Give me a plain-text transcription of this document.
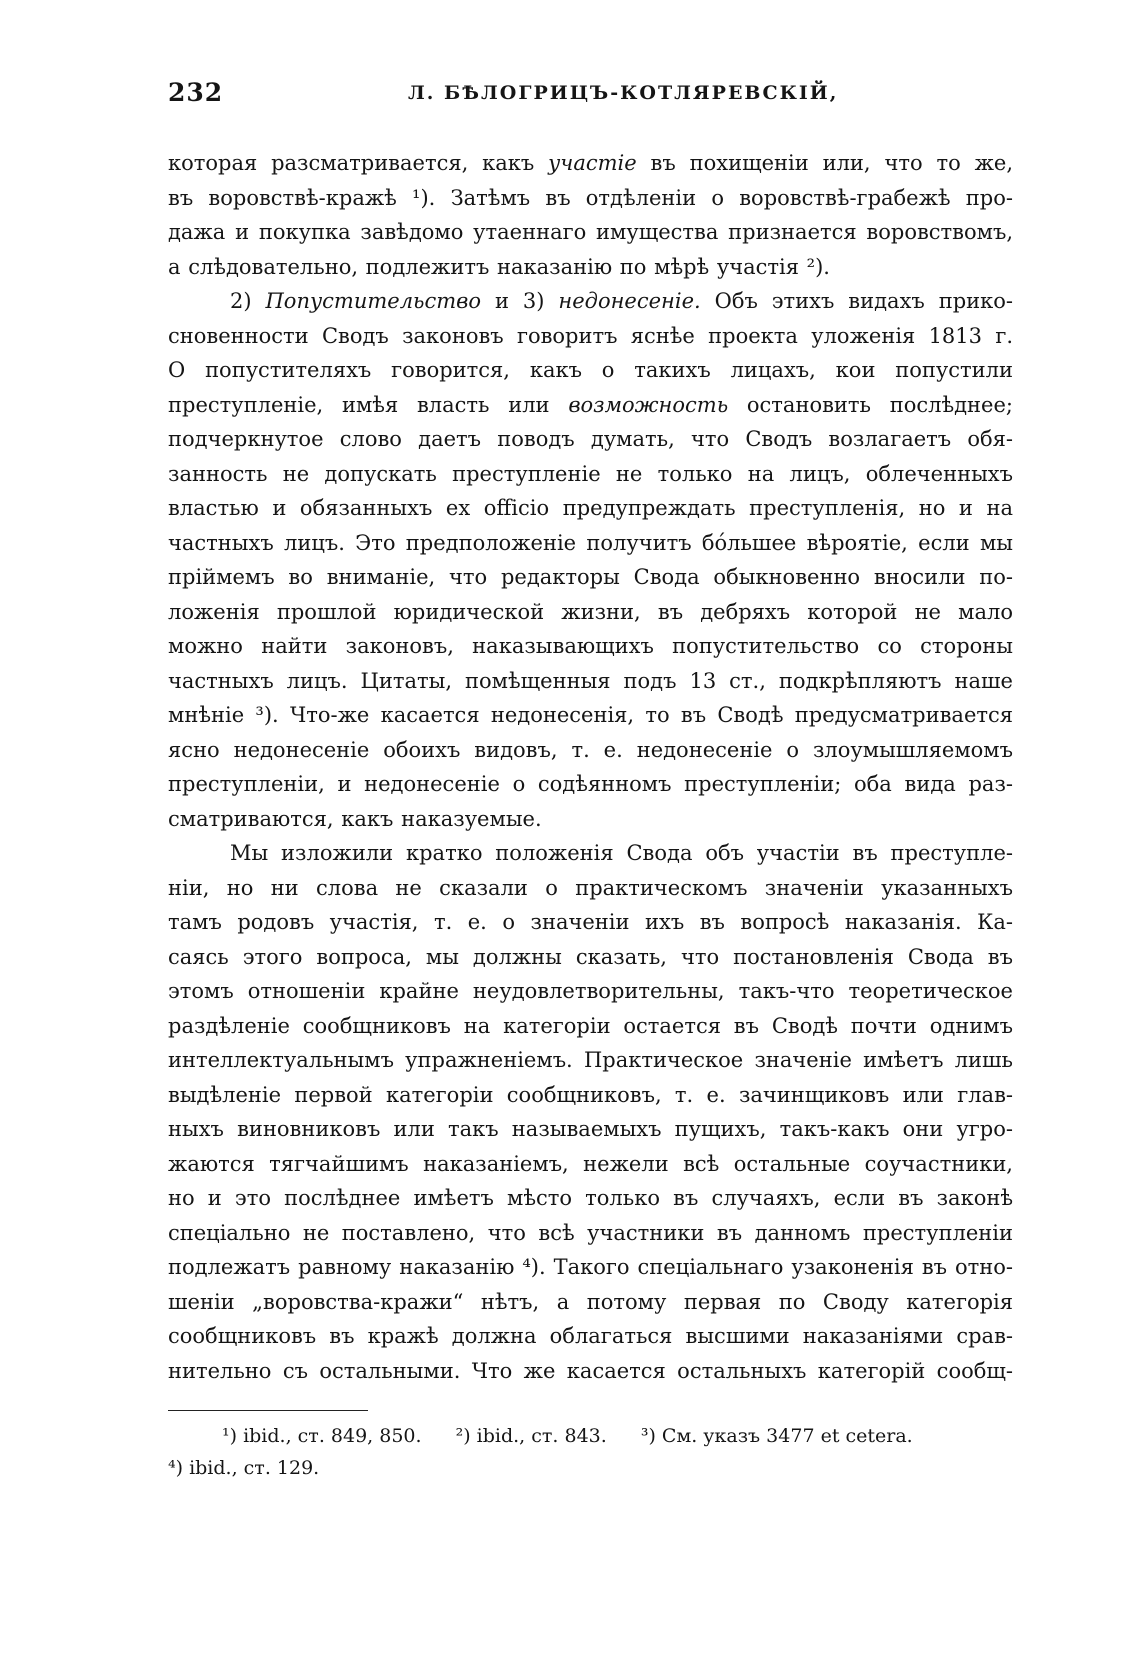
232	Л. БѢЛОГРИЦЪ-КОТЛЯРЕВСКІЙ,
которая разсматривается, какъ участіе въ похищеніи или, что то же,
въ воровствѣ-кражѣ ¹). Затѣмъ въ отдѣленіи о воровствѣ-грабежѣ про-
дажа и покупка завѣдомо утаеннаго имущества признается воровствомъ,
а слѣдовательно, подлежитъ наказанію по мѣрѣ участія ²).
2) Попустительство и 3) недонесеніе. Объ этихъ видахъ прико-
сновенности Сводъ законовъ говоритъ яснѣе проекта уложенія 1813 г.
О попустителяхъ говорится, какъ о такихъ лицахъ, кои попустили
преступленіе, имѣя власть или возможность остановить послѣднее;
подчеркнутое слово даетъ поводъ думать, что Сводъ возлагаетъ обя-
занность не допускать преступленіе не только на лицъ, облеченныхъ
властью и обязанныхъ ex officio предупреждать преступленія, но и на
частныхъ лицъ. Это предположеніе получитъ бо́льшее вѣроятіе, если мы
пріймемъ во вниманіе, что редакторы Свода обыкновенно вносили по-
ложенія прошлой юридической жизни, въ дебряхъ которой не мало
можно найти законовъ, наказывающихъ попустительство со стороны
частныхъ лицъ. Цитаты, помѣщенныя подъ 13 ст., подкрѣпляютъ наше
мнѣніе ³). Что-же касается недонесенія, то въ Сводѣ предусматривается
ясно недонесеніе обоихъ видовъ, т. е. недонесеніе о злоумышляемомъ
преступленіи, и недонесеніе о содѣянномъ преступленіи; оба вида раз-
сматриваются, какъ наказуемые.
Мы изложили кратко положенія Свода объ участіи въ преступле-
ніи, но ни слова не сказали о практическомъ значеніи указанныхъ
тамъ родовъ участія, т. е. о значеніи ихъ въ вопросѣ наказанія. Ка-
саясь этого вопроса, мы должны сказать, что постановленія Свода въ
этомъ отношеніи крайне неудовлетворительны, такъ-что теоретическое
раздѣленіе сообщниковъ на категоріи остается въ Сводѣ почти однимъ
интеллектуальнымъ упражненіемъ. Практическое значеніе имѣетъ лишь
выдѣленіе первой категоріи сообщниковъ, т. е. зачинщиковъ или глав-
ныхъ виновниковъ или такъ называемыхъ пущихъ, такъ-какъ они угро-
жаются тягчайшимъ наказаніемъ, нежели всѣ остальные соучастники,
но и это послѣднее имѣетъ мѣсто только въ случаяхъ, если въ законѣ
спеціально не поставлено, что всѣ участники въ данномъ преступленіи
подлежатъ равному наказанію ⁴). Такого спеціальнаго узаконенія въ отно-
шеніи „воровства-кражи“ нѣтъ, а потому первая по Своду категорія
сообщниковъ въ кражѣ должна облагаться высшими наказаніями срав-
нительно съ остальными. Что же касается остальныхъ категорій сообщ-
¹) ibid., ст. 849, 850. ²) ibid., ст. 843. ³) См. указъ 3477 et cetera.
⁴) ibid., ст. 129.
